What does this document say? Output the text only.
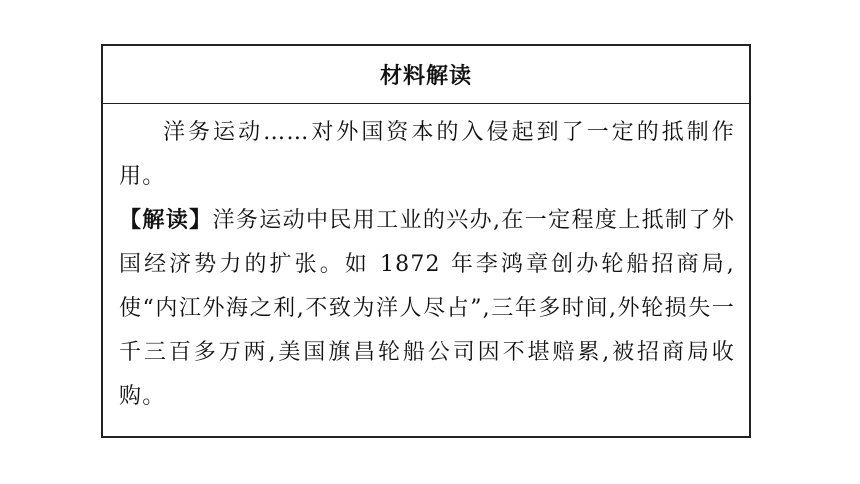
材料解读

洋务运动……对外国资本的入侵起到了一定的抵制作用。

【解读】洋务运动中民用工业的兴办,在一定程度上抵制了外国经济势力的扩张。如 1872 年李鸿章创办轮船招商局,使“内江外海之利,不致为洋人尽占”,三年多时间,外轮损失一千三百多万两,美国旗昌轮船公司因不堪赔累,被招商局收购。
